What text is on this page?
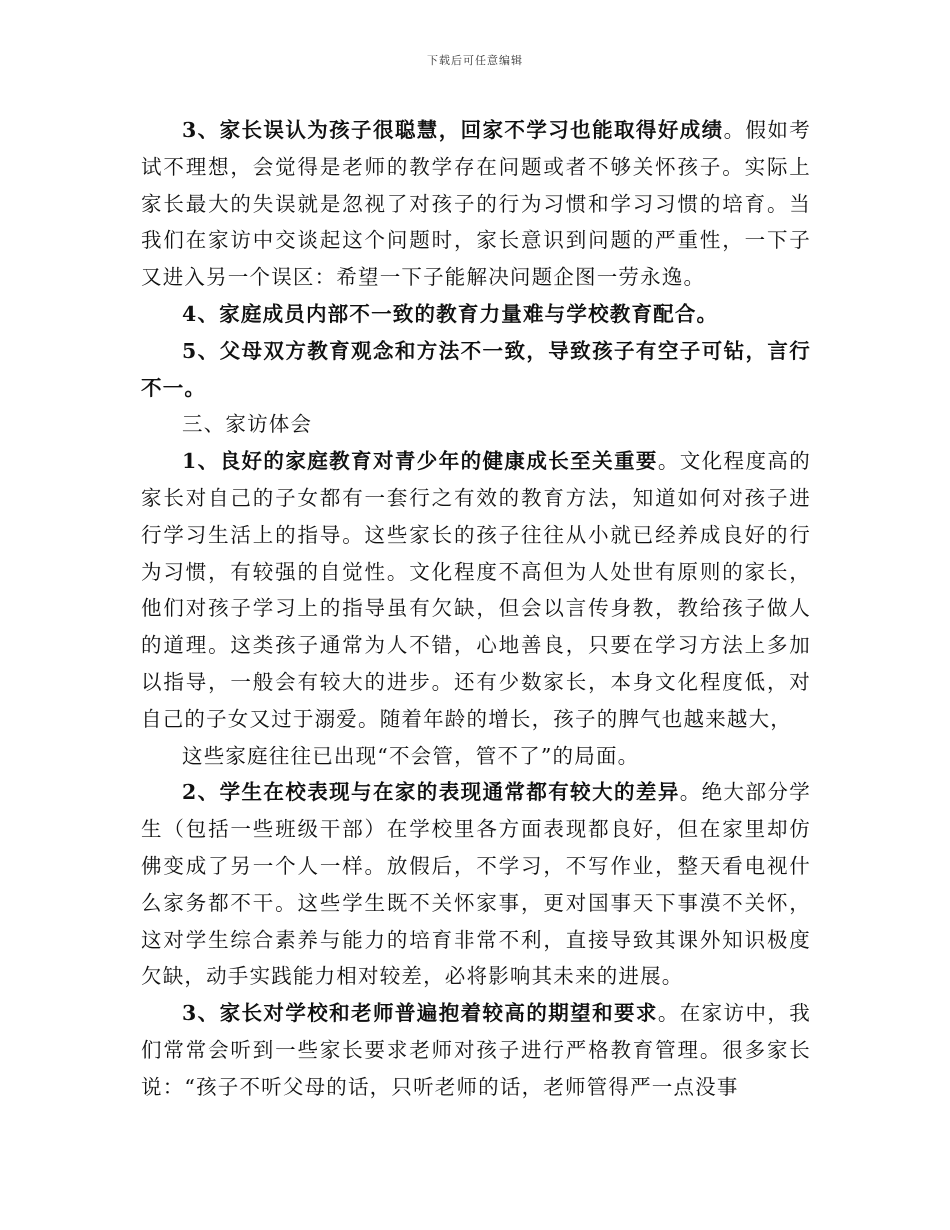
下载后可任意编辑

3、家长误认为孩子很聪慧，回家不学习也能取得好成绩。假如考试不理想，会觉得是老师的教学存在问题或者不够关怀孩子。实际上家长最大的失误就是忽视了对孩子的行为习惯和学习习惯的培育。当我们在家访中交谈起这个问题时，家长意识到问题的严重性，一下子又进入另一个误区：希望一下子能解决问题企图一劳永逸。

4、家庭成员内部不一致的教育力量难与学校教育配合。

5、父母双方教育观念和方法不一致，导致孩子有空子可钻，言行不一。

三、家访体会

1、良好的家庭教育对青少年的健康成长至关重要。文化程度高的家长对自己的子女都有一套行之有效的教育方法，知道如何对孩子进行学习生活上的指导。这些家长的孩子往往从小就已经养成良好的行为习惯，有较强的自觉性。文化程度不高但为人处世有原则的家长，他们对孩子学习上的指导虽有欠缺，但会以言传身教，教给孩子做人的道理。这类孩子通常为人不错，心地善良，只要在学习方法上多加以指导，一般会有较大的进步。还有少数家长，本身文化程度低，对自己的子女又过于溺爱。随着年龄的增长，孩子的脾气也越来越大，

这些家庭往往已出现“不会管，管不了”的局面。

2、学生在校表现与在家的表现通常都有较大的差异。绝大部分学生（包括一些班级干部）在学校里各方面表现都良好，但在家里却仿佛变成了另一个人一样。放假后，不学习，不写作业，整天看电视什么家务都不干。这些学生既不关怀家事，更对国事天下事漠不关怀，这对学生综合素养与能力的培育非常不利，直接导致其课外知识极度欠缺，动手实践能力相对较差，必将影响其未来的进展。

3、家长对学校和老师普遍抱着较高的期望和要求。在家访中，我们常常会听到一些家长要求老师对孩子进行严格教育管理。很多家长说：“孩子不听父母的话，只听老师的话，老师管得严一点没事
